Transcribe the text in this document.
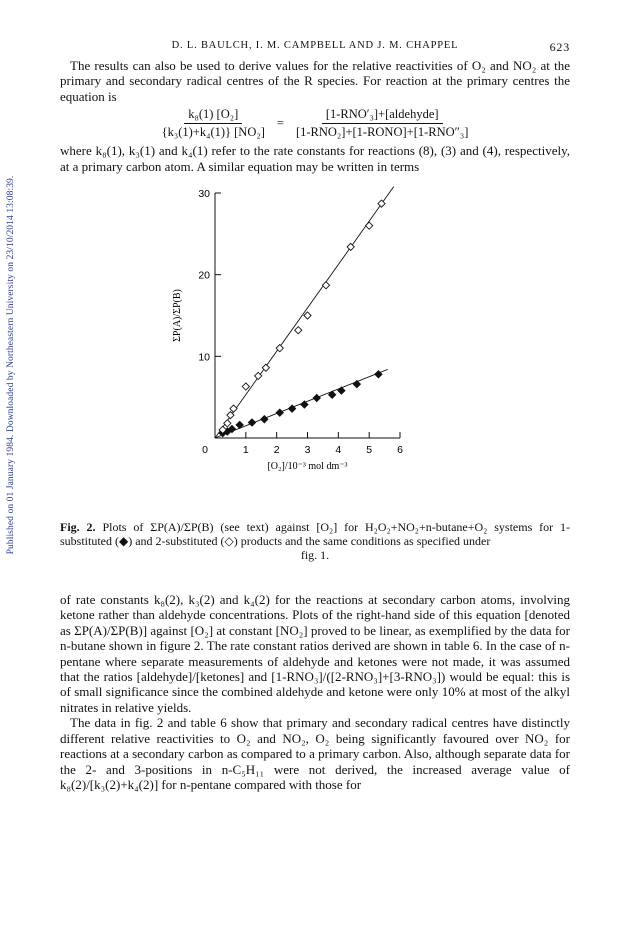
Published on 01 January 1984. Downloaded by Northeastern University on 23/10/2014 13:08:39.
D. L. BAULCH, I. M. CAMPBELL AND J. M. CHAPPEL	623

The results can also be used to derive values for the relative reactivities of O₂ and NO₂ at the primary and secondary radical centres of the R species. For reaction at the primary centres the equation is

$\frac{\text{k₈(1) [O₂]}}{\text{\{k₃(1)+k₄(1)\} [NO₂]}} = \frac{\text{[1-RNO′₃]+[aldehyde]}}{\text{[1-RNO₂]+[1-RONO]+[1-RNO″₃]}}$

where k₈(1), k₃(1) and k₄(1) refer to the rate constants for reactions (8), (3) and (4), respectively, at a primary carbon atom. A similar equation may be written in terms

0	1 2 3 4 5 6
10
20
30
[O₂]/10⁻³ mol dm⁻³
ΣP(A)/ΣP(B)
Fig. 2. Plots of ΣP(A)/ΣP(B) (see text) against [O₂] for H₂O₂+NO₂+n-butane+O₂ systems for 1-substituted (◆) and 2-substituted (◇) products and the same conditions as specified under
fig. 1.

of rate constants k₈(2), k₃(2) and k₄(2) for the reactions at secondary carbon atoms, involving ketone rather than aldehyde concentrations. Plots of the right-hand side of this equation [denoted as ΣP(A)/ΣP(B)] against [O₂] at constant [NO₂] proved to be linear, as exemplified by the data for n-butane shown in figure 2. The rate constant ratios derived are shown in table 6. In the case of n-pentane where separate measurements of aldehyde and ketones were not made, it was assumed that the ratios [aldehyde]/[ketones] and [1-RNO₃]/([2-RNO₃]+[3-RNO₃]) would be equal: this is of small significance since the combined aldehyde and ketone were only 10% at most of the alkyl nitrates in relative yields.

The data in fig. 2 and table 6 show that primary and secondary radical centres have distinctly different relative reactivities to O₂ and NO₂, O₂ being significantly favoured over NO₂ for reactions at a secondary carbon as compared to a primary carbon. Also, although separate data for the 2- and 3-positions in n-C₅H₁₁ were not derived, the increased average value of k₈(2)/[k₃(2)+k₄(2)] for n-pentane compared with those for
